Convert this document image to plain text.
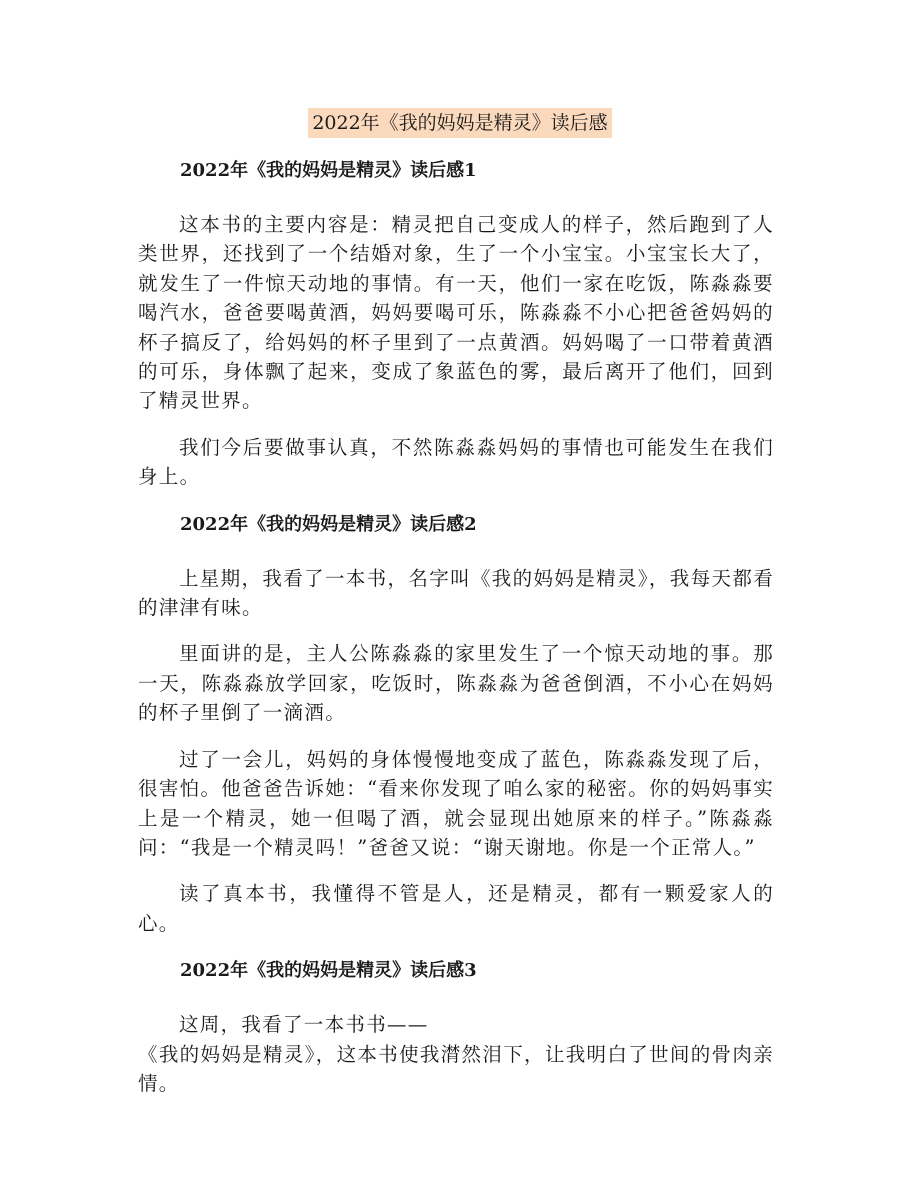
2022年《我的妈妈是精灵》读后感
2022年《我的妈妈是精灵》读后感1

这本书的主要内容是：精灵把自己变成人的样子，然后跑到了人类世界，还找到了一个结婚对象，生了一个小宝宝。小宝宝长大了，就发生了一件惊天动地的事情。有一天，他们一家在吃饭，陈淼淼要喝汽水，爸爸要喝黄酒，妈妈要喝可乐，陈淼淼不小心把爸爸妈妈的杯子搞反了，给妈妈的杯子里到了一点黄酒。妈妈喝了一口带着黄酒的可乐，身体飘了起来，变成了象蓝色的雾，最后离开了他们，回到了精灵世界。

我们今后要做事认真，不然陈淼淼妈妈的事情也可能发生在我们身上。

2022年《我的妈妈是精灵》读后感2

上星期，我看了一本书，名字叫《我的妈妈是精灵》，我每天都看的津津有味。

里面讲的是，主人公陈淼淼的家里发生了一个惊天动地的事。那一天，陈淼淼放学回家，吃饭时，陈淼淼为爸爸倒酒，不小心在妈妈的杯子里倒了一滴酒。

过了一会儿，妈妈的身体慢慢地变成了蓝色，陈淼淼发现了后，很害怕。他爸爸告诉她：“看来你发现了咱么家的秘密。你的妈妈事实上是一个精灵，她一但喝了酒，就会显现出她原来的样子。”陈淼淼问：“我是一个精灵吗！”爸爸又说：“谢天谢地。你是一个正常人。”

读了真本书，我懂得不管是人，还是精灵，都有一颗爱家人的心。

2022年《我的妈妈是精灵》读后感3

这周，我看了一本书书——
《我的妈妈是精灵》，这本书使我潸然泪下，让我明白了世间的骨肉亲情。
